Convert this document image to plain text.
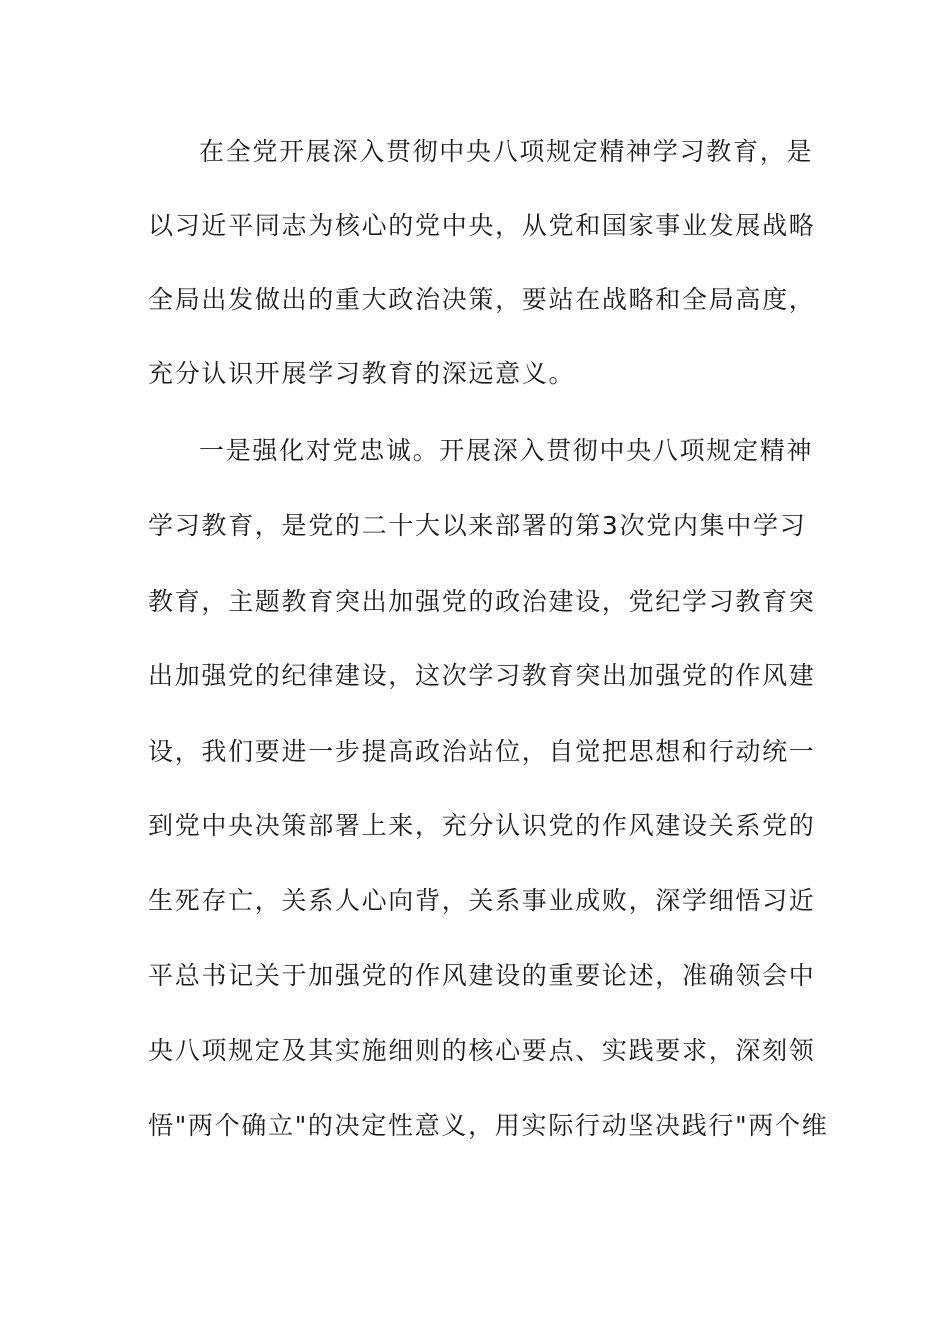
在全党开展深入贯彻中央八项规定精神学习教育，是
以习近平同志为核心的党中央，从党和国家事业发展战略
全局出发做出的重大政治决策，要站在战略和全局高度，
充分认识开展学习教育的深远意义。
一是强化对党忠诚。开展深入贯彻中央八项规定精神
学习教育，是党的二十大以来部署的第3次党内集中学习
教育，主题教育突出加强党的政治建设，党纪学习教育突
出加强党的纪律建设，这次学习教育突出加强党的作风建
设，我们要进一步提高政治站位，自觉把思想和行动统一
到党中央决策部署上来，充分认识党的作风建设关系党的
生死存亡，关系人心向背，关系事业成败，深学细悟习近
平总书记关于加强党的作风建设的重要论述，准确领会中
央八项规定及其实施细则的核心要点、实践要求，深刻领
悟"两个确立"的决定性意义，用实际行动坚决践行"两个维
